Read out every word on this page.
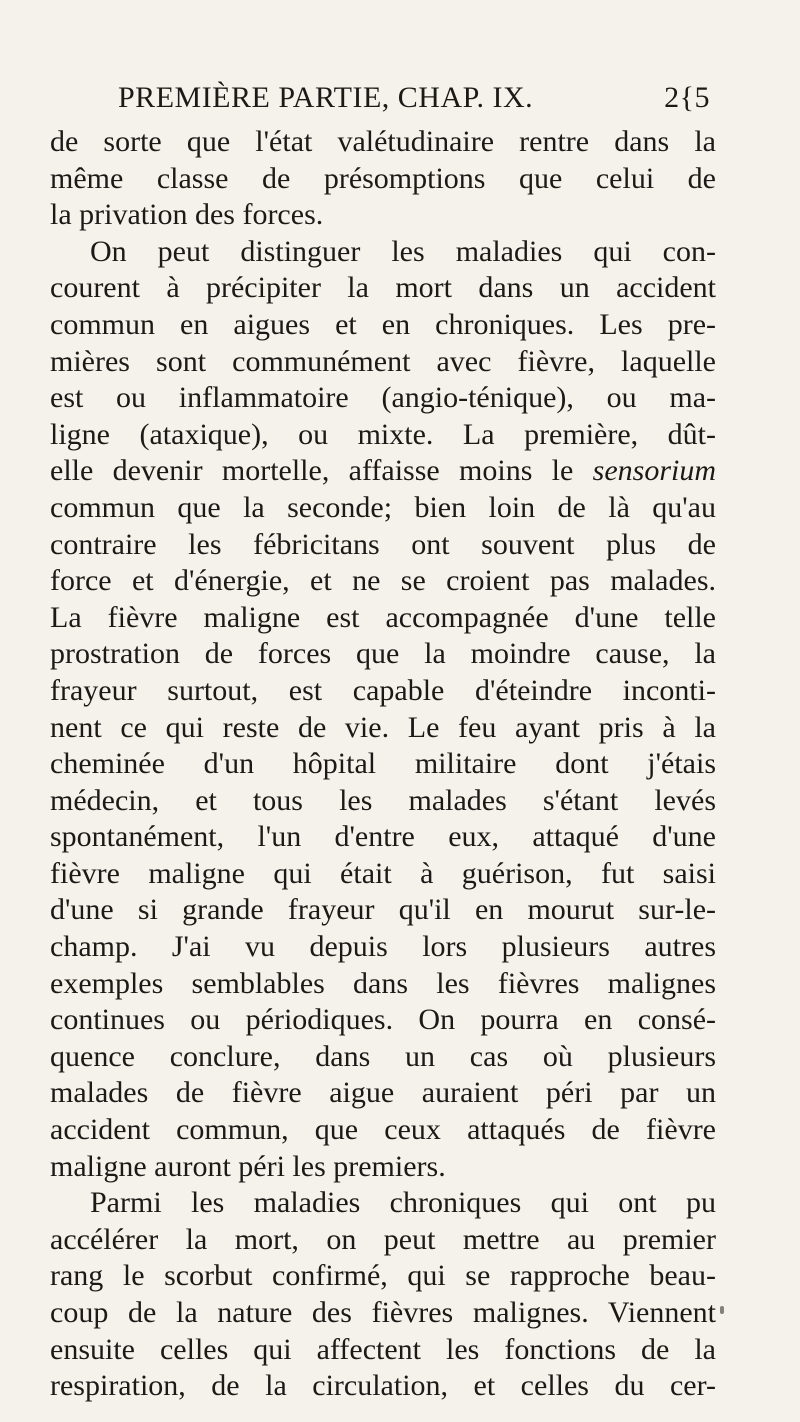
PREMIÈRE PARTIE, CHAP. IX.	2{5
de sorte que l'état valétudinaire rentre dans la
même classe de présomptions que celui de
la privation des forces.
On peut distinguer les maladies qui con-
courent à précipiter la mort dans un accident
commun en aigues et en chroniques. Les pre-
mières sont communément avec fièvre, laquelle
est ou inflammatoire (angio-ténique), ou ma-
ligne (ataxique), ou mixte. La première, dût-
elle devenir mortelle, affaisse moins le sensorium
commun que la seconde; bien loin de là qu'au
contraire les fébricitans ont souvent plus de
force et d'énergie, et ne se croient pas malades.
La fièvre maligne est accompagnée d'une telle
prostration de forces que la moindre cause, la
frayeur surtout, est capable d'éteindre inconti-
nent ce qui reste de vie. Le feu ayant pris à la
cheminée d'un hôpital militaire dont j'étais
médecin, et tous les malades s'étant levés
spontanément, l'un d'entre eux, attaqué d'une
fièvre maligne qui était à guérison, fut saisi
d'une si grande frayeur qu'il en mourut sur-le-
champ. J'ai vu depuis lors plusieurs autres
exemples semblables dans les fièvres malignes
continues ou périodiques. On pourra en consé-
quence conclure, dans un cas où plusieurs
malades de fièvre aigue auraient péri par un
accident commun, que ceux attaqués de fièvre
maligne auront péri les premiers.
Parmi les maladies chroniques qui ont pu
accélérer la mort, on peut mettre au premier
rang le scorbut confirmé, qui se rapproche beau-
coup de la nature des fièvres malignes. Viennent
ensuite celles qui affectent les fonctions de la
respiration, de la circulation, et celles du cer-
